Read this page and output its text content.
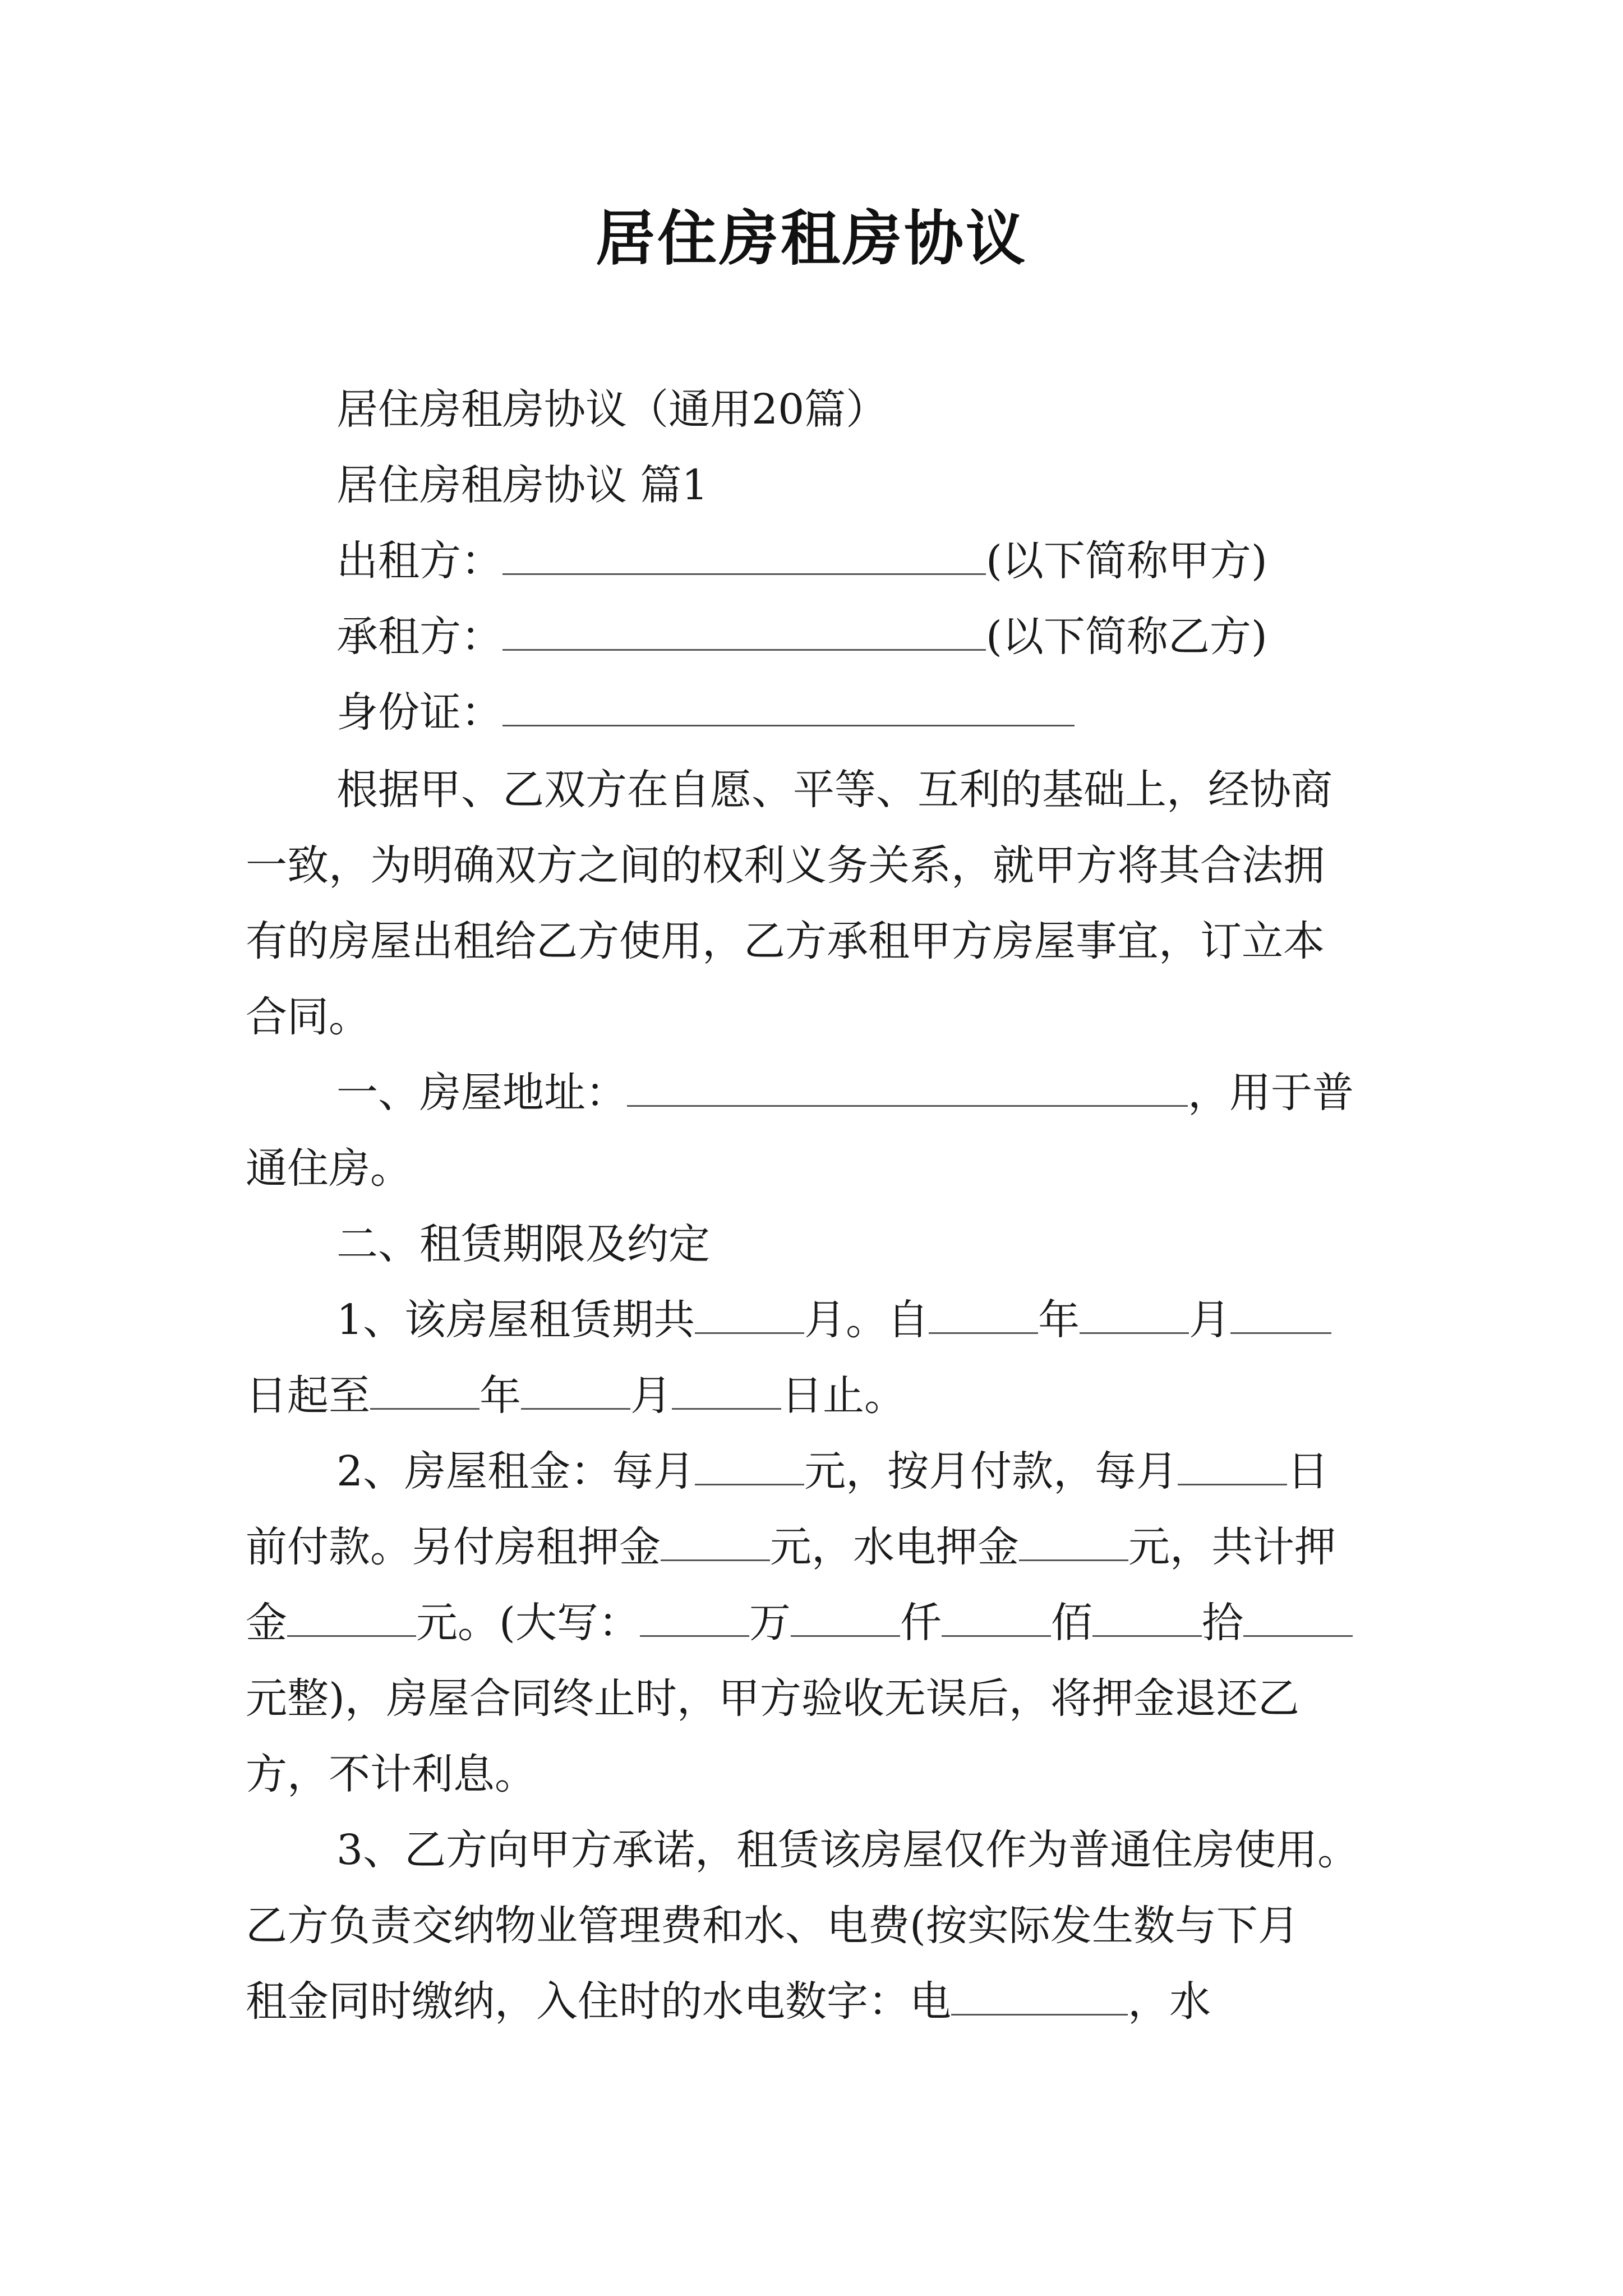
居住房租房协议
居住房租房协议（通用20篇）
居住房租房协议 篇1
出租方：	(以下简称甲方)
承租方：	(以下简称乙方)
身份证：
根据甲、乙双方在自愿、平等、互利的基础上，经协商
一致，为明确双方之间的权利义务关系，就甲方将其合法拥
有的房屋出租给乙方使用，乙方承租甲方房屋事宜，订立本
合同。
一、房屋地址：	，用于普
通住房。
二、租赁期限及约定
1、该房屋租赁期共	月。自	年	月
日起至	年	月	日止。
2、房屋租金：每月	元，按月付款，每月	日
前付款。另付房租押金	元，水电押金	元，共计押
金	元。(大写：	万	仟	佰	拾
元整)，房屋合同终止时，甲方验收无误后，将押金退还乙
方，不计利息。
3、乙方向甲方承诺，租赁该房屋仅作为普通住房使用。
乙方负责交纳物业管理费和水、电费(按实际发生数与下月
租金同时缴纳，入住时的水电数字：电	，水
